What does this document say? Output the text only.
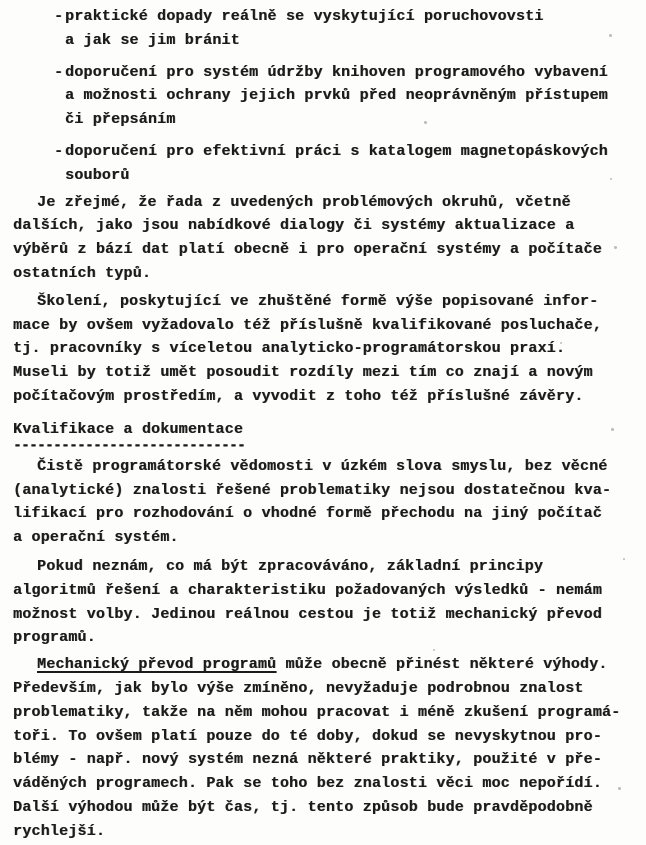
- praktické dopady reálně se vyskytující poruchovovsti
a jak se jim bránit
- doporučení pro systém údržby knihoven programového vybavení
a možnosti ochrany jejich prvků před neoprávněným přístupem
či přepsáním
- doporučení pro efektivní práci s katalogem magnetopáskových
souborů
Je zřejmé, že řada z uvedených problémových okruhů, včetně
dalších, jako jsou nabídkové dialogy či systémy aktualizace a
výběrů z bází dat platí obecně i pro operační systémy a počítače
ostatních typů.
Školení, poskytující ve zhuštěné formě výše popisované infor-
mace by ovšem vyžadovalo též příslušně kvalifikované posluchače,
tj. pracovníky s víceletou analyticko-programátorskou praxí.
Museli by totiž umět posoudit rozdíly mezi tím co znají a novým
počítačovým prostředím, a vyvodit z toho též příslušné závěry.
Kvalifikace a dokumentace
-----------------------------
Čistě programátorské vědomosti v úzkém slova smyslu, bez věcné
(analytické) znalosti řešené problematiky nejsou dostatečnou kva-
lifikací pro rozhodování o vhodné formě přechodu na jiný počítač
a operační systém.
Pokud neznám, co má být zpracováváno, základní principy
algoritmů řešení a charakteristiku požadovaných výsledků - nemám
možnost volby. Jedinou reálnou cestou je totiž mechanický převod
programů.
Mechanický převod programů může obecně přinést některé výhody.
Především, jak bylo výše zmíněno, nevyžaduje podrobnou znalost
problematiky, takže na něm mohou pracovat i méně zkušení programá-
toři. To ovšem platí pouze do té doby, dokud se nevyskytnou pro-
blémy - např. nový systém nezná některé praktiky, použité v pře-
váděných programech. Pak se toho bez znalosti věci moc nepořídí.
Další výhodou může být čas, tj. tento způsob bude pravděpodobně
rychlejší.
